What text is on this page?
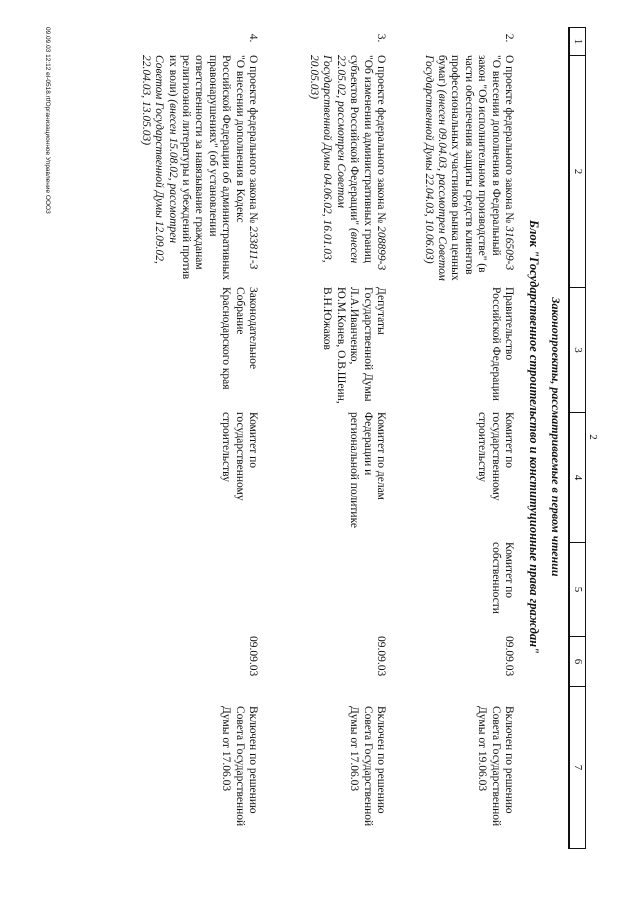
2
1
2
3
4
5
6
7
Законопроекты, рассматриваемые в первом чтении
Блок "Государственное строительство и конституционные права граждан"
2.
О проекте федерального закона № 316509-3 "О внесении дополнения в Федеральный закон "Об исполнительном производстве" (в части обеспечения защиты средств клиентов профессиональных участников рынка ценных бумаг) (внесен 09.04.03, рассмотрен Советом Государственной Думы 22.04.03, 10.06.03)
Правительство Российской Федерации
Комитет по государственному строительству
Комитет по собственности
09.09.03
Включен по решению Совета Государственной Думы от 19.06.03
3.
О проекте федерального закона № 208899-3 "Об изменении административных границ субъектов Российской Федерации" (внесен 22.05.02, рассмотрен Советом Государственной Думы 04.06.02, 16.01.03, 20.05.03)
Депутаты Государственной Думы Л.А.Иванченко, Ю.М.Конев, О.В.Шеин, В.Н.Южаков
Комитет по делам Федерации и региональной политике
09.09.03
Включен по решению Совета Государственной Думы от 17.06.03
4.
О проекте федерального закона № 233811-3 "О внесении дополнения в Кодекс Российской Федерации об административных правонарушениях" (об установлении ответственности за навязывание гражданам религиозной литературы и убеждений против их воли) (внесен 15.08.02, рассмотрен Советом Государственной Думы 12.09.02, 22.04.03, 13.05.03)
Законодательное Собрание Краснодарского края
Комитет по государственному строительству
09.09.03
Включен по решению Совета Государственной Думы от 17.06.03
09.09.03 12:12 el-0518.rtfОрганизационное Управление ООО3
